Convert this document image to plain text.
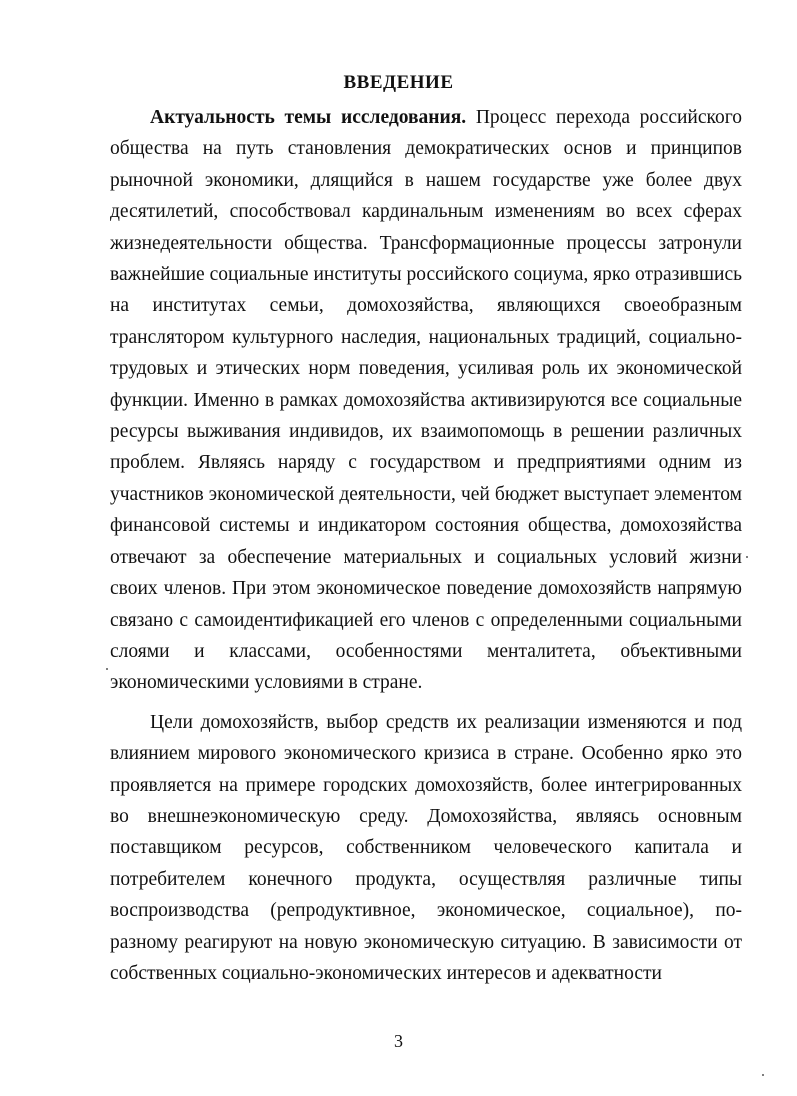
ВВЕДЕНИЕ

Актуальность темы исследования. Процесс перехода российского общества на путь становления демократических основ и принципов рыночной экономики, длящийся в нашем государстве уже более двух десятилетий, способствовал кардинальным изменениям во всех сферах жизнедеятельности общества. Трансформационные процессы затронули важнейшие социальные институты российского социума, ярко отразившись на институтах семьи, домохозяйства, являющихся своеобразным транслятором культурного наследия, национальных традиций, социально-трудовых и этических норм поведения, усиливая роль их экономической функции. Именно в рамках домохозяйства активизируются все социальные ресурсы выживания индивидов, их взаимопомощь в решении различных проблем. Являясь наряду с государством и предприятиями одним из участников экономической деятельности, чей бюджет выступает элементом финансовой системы и индикатором состояния общества, домохозяйства отвечают за обеспечение материальных и социальных условий жизни своих членов. При этом экономическое поведение домохозяйств напрямую связано с самоидентификацией его членов с определенными социальными слоями и классами, особенностями менталитета, объективными экономическими условиями в стране.

Цели домохозяйств, выбор средств их реализации изменяются и под влиянием мирового экономического кризиса в стране. Особенно ярко это проявляется на примере городских домохозяйств, более интегрированных во внешнеэкономическую среду. Домохозяйства, являясь основным поставщиком ресурсов, собственником человеческого капитала и потребителем конечного продукта, осуществляя различные типы воспроизводства (репродуктивное, экономическое, социальное), по-разному реагируют на новую экономическую ситуацию. В зависимости от собственных социально-экономических интересов и адекватности

3
